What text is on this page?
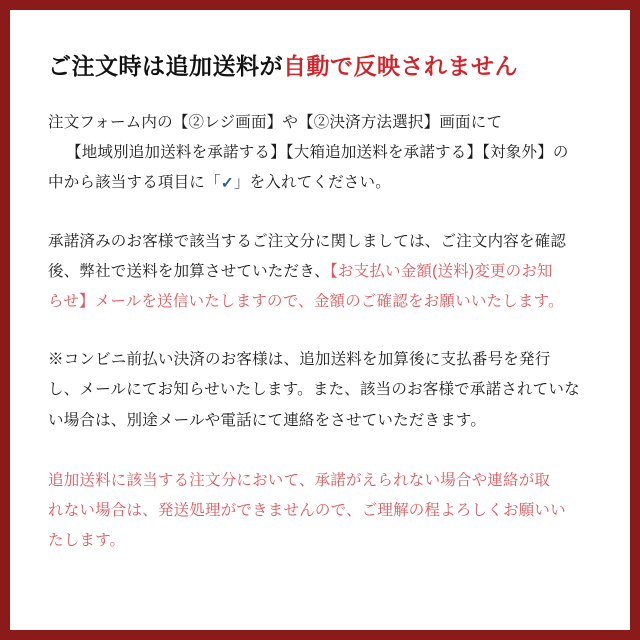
ご注文時は追加送料が自動で反映されません
注文フォーム内の【②レジ画面】や【②決済方法選択】画面にて
【地域別追加送料を承諾する】【大箱追加送料を承諾する】【対象外】の
中から該当する項目に「✓」を入れてください。
承諾済みのお客様で該当するご注文分に関しましては、ご注文内容を確認
後、弊社で送料を加算させていただき、【お支払い金額(送料)変更のお知
らせ】メールを送信いたしますので、金額のご確認をお願いいたします。
※コンビニ前払い決済のお客様は、追加送料を加算後に支払番号を発行
し、メールにてお知らせいたします。また、該当のお客様で承諾されていな
い場合は、別途メールや電話にて連絡をさせていただきます。
追加送料に該当する注文分において、承諾がえられない場合や連絡が取
れない場合は、発送処理ができませんので、ご理解の程よろしくお願いい
たします。
